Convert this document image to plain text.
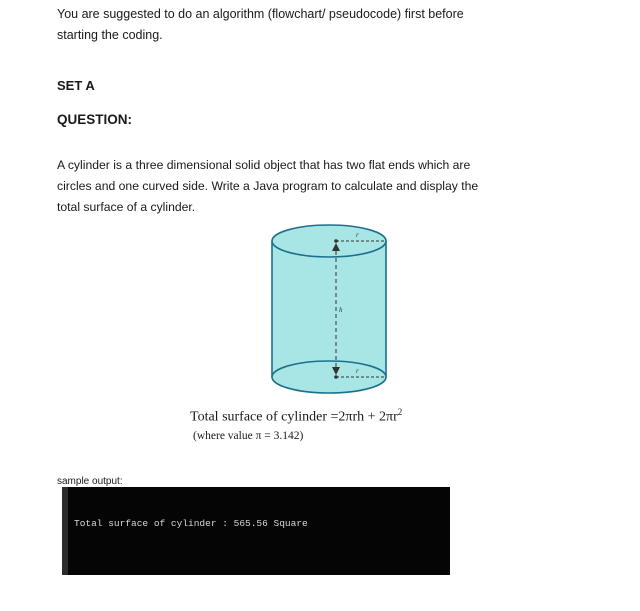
You are suggested to do an algorithm (flowchart/ pseudocode) first before
starting the coding.
SET A
QUESTION:
A cylinder is a three dimensional solid object that has two flat ends which are
circles and one curved side. Write a Java program to calculate and display the
total surface of a cylinder.
r
r
h
Total surface of cylinder $=2\pi rh + 2\pi r^2$
(where value π = 3.142)
sample output:
Total surface of cylinder : 565.56 Square
